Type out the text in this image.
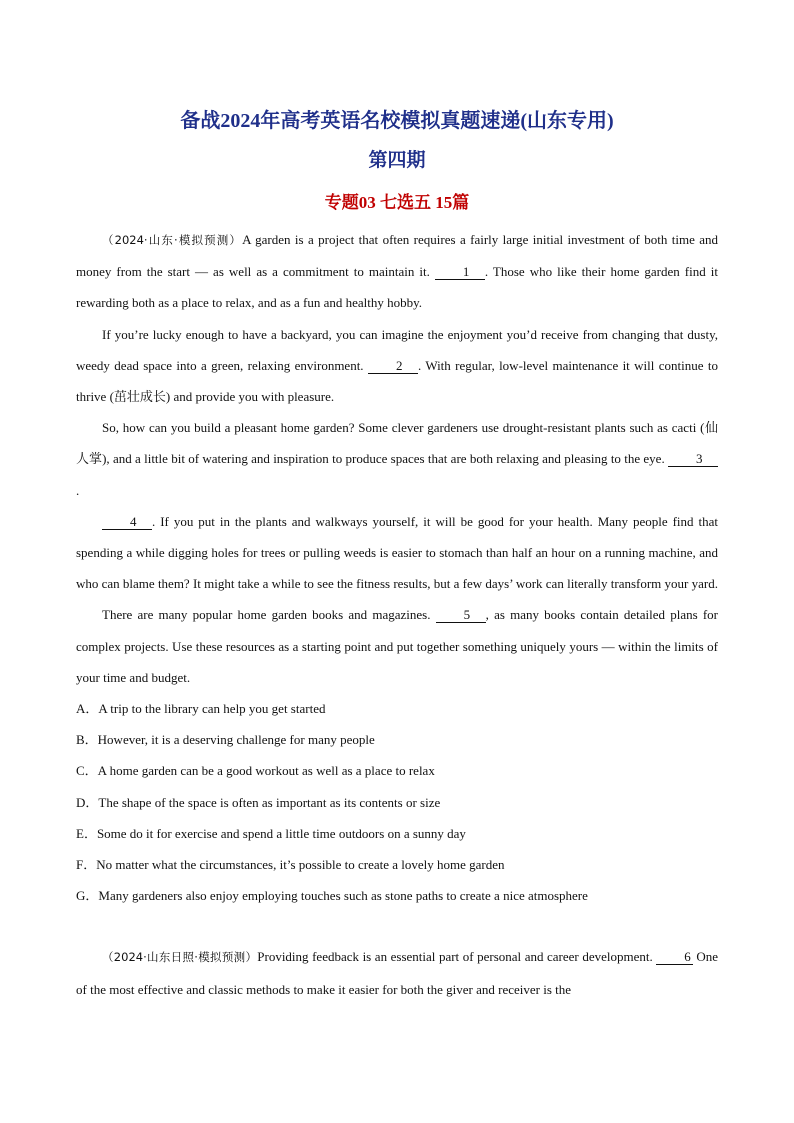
备战2024年高考英语名校模拟真题速递(山东专用)
第四期
专题03 七选五 15篇

（2024·山东·模拟预测）A garden is a project that often requires a fairly large initial investment of both time and money from the start — as well as a commitment to maintain it. 1 . Those who like their home garden find it rewarding both as a place to relax, and as a fun and healthy hobby.

If you’re lucky enough to have a backyard, you can imagine the enjoyment you’d receive from changing that dusty, weedy dead space into a green, relaxing environment. 2 . With regular, low-level maintenance it will continue to thrive (茁壮成长) and provide you with pleasure.

So, how can you build a pleasant home garden? Some clever gardeners use drought-resistant plants such as cacti (仙人掌), and a little bit of watering and inspiration to produce spaces that are both relaxing and pleasing to the eye. 3.

4 . If you put in the plants and walkways yourself, it will be good for your health. Many people find that spending a while digging holes for trees or pulling weeds is easier to stomach than half an hour on a running machine, and who can blame them? It might take a while to see the fitness results, but a few days’ work can literally transform your yard.

There are many popular home garden books and magazines. 5 , as many books contain detailed plans for complex projects. Use these resources as a starting point and put together something uniquely yours — within the limits of your time and budget.

A．A trip to the library can help you get started

B．However, it is a deserving challenge for many people

C．A home garden can be a good workout as well as a place to relax

D．The shape of the space is often as important as its contents or size

E．Some do it for exercise and spend a little time outdoors on a sunny day

F．No matter what the circumstances, it’s possible to create a lovely home garden

G．Many gardeners also enjoy employing touches such as stone paths to create a nice atmosphere

（2024·山东日照·模拟预测）Providing feedback is an essential part of personal and career development. 6 One of the most effective and classic methods to make it easier for both the giver and receiver is the
